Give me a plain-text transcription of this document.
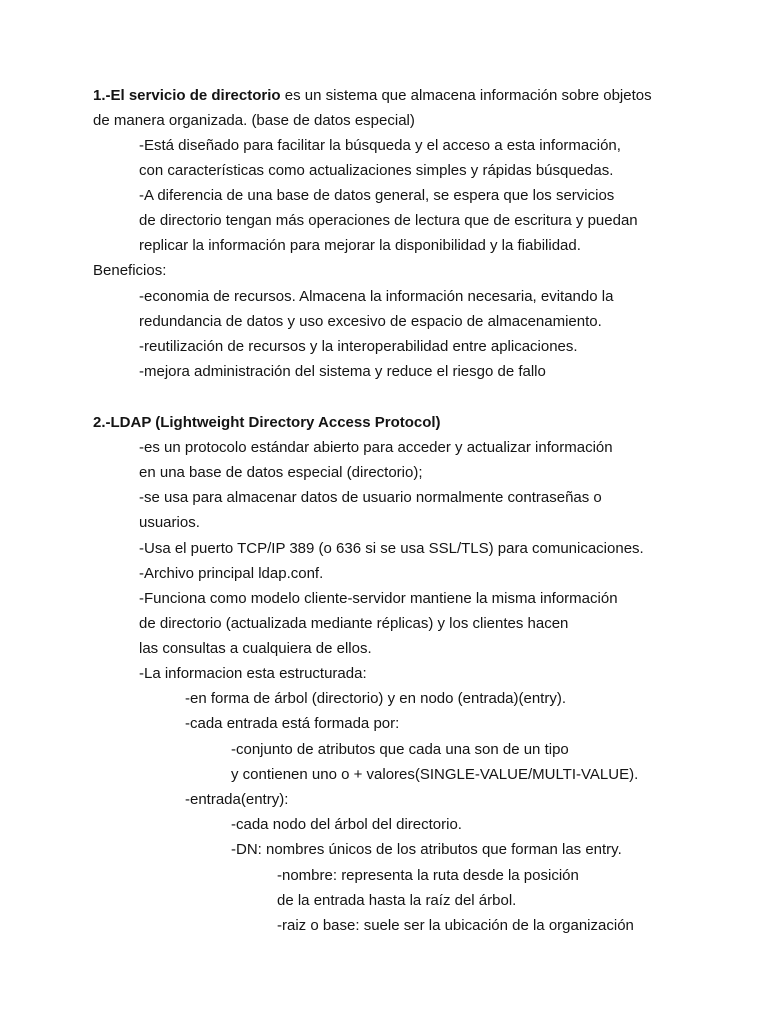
1.-El servicio de directorio es un sistema que almacena información sobre objetos
de manera organizada. (base de datos especial)
-Está diseñado para facilitar la búsqueda y el acceso a esta información,
con características como actualizaciones simples y rápidas búsquedas.
-A diferencia de una base de datos general, se espera que los servicios
de directorio tengan más operaciones de lectura que de escritura y puedan
replicar la información para mejorar la disponibilidad y la fiabilidad.
Beneficios:
-economia de recursos. Almacena la información necesaria, evitando la
redundancia de datos y uso excesivo de espacio de almacenamiento.
-reutilización de recursos y la interoperabilidad entre aplicaciones.
-mejora administración del sistema y reduce el riesgo de fallo
2.-LDAP (Lightweight Directory Access Protocol)
-es un protocolo estándar abierto para acceder y actualizar información
en una base de datos especial (directorio);
-se usa para almacenar datos de usuario normalmente contraseñas o
usuarios.
-Usa el puerto TCP/IP 389 (o 636 si se usa SSL/TLS) para comunicaciones.
-Archivo principal ldap.conf.
-Funciona como modelo cliente-servidor mantiene la misma información
de directorio (actualizada mediante réplicas) y los clientes hacen
las consultas a cualquiera de ellos.
-La informacion esta estructurada:
-en forma de árbol (directorio) y en nodo (entrada)(entry).
-cada entrada está formada por:
-conjunto de atributos que cada una son de un tipo
y contienen uno o + valores(SINGLE-VALUE/MULTI-VALUE).
-entrada(entry):
-cada nodo del árbol del directorio.
-DN: nombres únicos de los atributos que forman las entry.
-nombre: representa la ruta desde la posición
de la entrada hasta la raíz del árbol.
-raiz o base: suele ser la ubicación de la organización
